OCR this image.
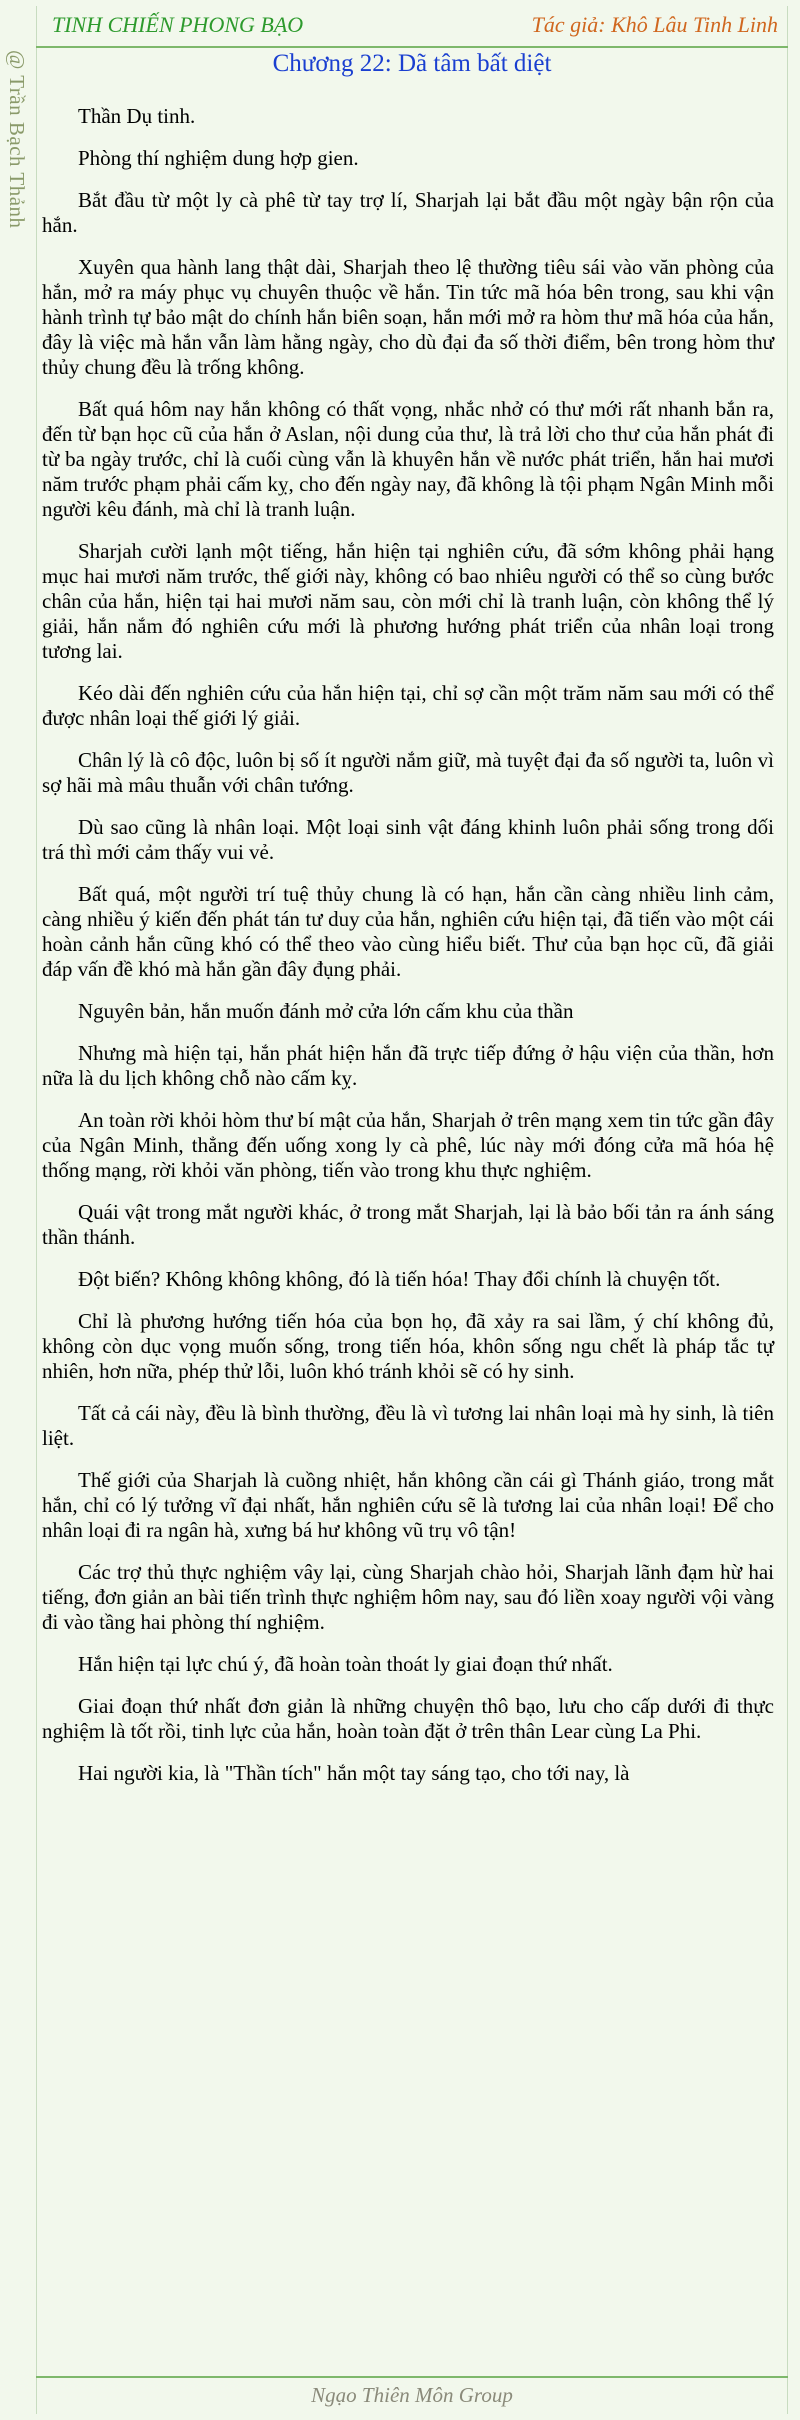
@ Trần Bạch Thảnh
TINH CHIẾN PHONG BẠO	Tác giả: Khô Lâu Tinh Linh
Chương 22: Dã tâm bất diệt

Thần Dụ tinh.

Phòng thí nghiệm dung hợp gien.

Bắt đầu từ một ly cà phê từ tay trợ lí, Sharjah lại bắt đầu một ngày bận rộn của hắn.

Xuyên qua hành lang thật dài, Sharjah theo lệ thường tiêu sái vào văn phòng của hắn, mở ra máy phục vụ chuyên thuộc về hắn. Tin tức mã hóa bên trong, sau khi vận hành trình tự bảo mật do chính hắn biên soạn, hắn mới mở ra hòm thư mã hóa của hắn, đây là việc mà hắn vẫn làm hằng ngày, cho dù đại đa số thời điểm, bên trong hòm thư thủy chung đều là trống không.

Bất quá hôm nay hắn không có thất vọng, nhắc nhở có thư mới rất nhanh bắn ra, đến từ bạn học cũ của hắn ở Aslan, nội dung của thư, là trả lời cho thư của hắn phát đi từ ba ngày trước, chỉ là cuối cùng vẫn là khuyên hắn về nước phát triển, hắn hai mươi năm trước phạm phải cấm kỵ, cho đến ngày nay, đã không là tội phạm Ngân Minh mỗi người kêu đánh, mà chỉ là tranh luận.

Sharjah cười lạnh một tiếng, hắn hiện tại nghiên cứu, đã sớm không phải hạng mục hai mươi năm trước, thế giới này, không có bao nhiêu người có thể so cùng bước chân của hắn, hiện tại hai mươi năm sau, còn mới chỉ là tranh luận, còn không thể lý giải, hắn nắm đó nghiên cứu mới là phương hướng phát triển của nhân loại trong tương lai.

Kéo dài đến nghiên cứu của hắn hiện tại, chỉ sợ cần một trăm năm sau mới có thể được nhân loại thế giới lý giải.

Chân lý là cô độc, luôn bị số ít người nắm giữ, mà tuyệt đại đa số người ta, luôn vì sợ hãi mà mâu thuẫn với chân tướng.

Dù sao cũng là nhân loại. Một loại sinh vật đáng khinh luôn phải sống trong dối trá thì mới cảm thấy vui vẻ.

Bất quá, một người trí tuệ thủy chung là có hạn, hắn cần càng nhiều linh cảm, càng nhiều ý kiến đến phát tán tư duy của hắn, nghiên cứu hiện tại, đã tiến vào một cái hoàn cảnh hắn cũng khó có thể theo vào cùng hiểu biết. Thư của bạn học cũ, đã giải đáp vấn đề khó mà hắn gần đây đụng phải.

Nguyên bản, hắn muốn đánh mở cửa lớn cấm khu của thần

Nhưng mà hiện tại, hắn phát hiện hắn đã trực tiếp đứng ở hậu viện của thần, hơn nữa là du lịch không chỗ nào cấm kỵ.

An toàn rời khỏi hòm thư bí mật của hắn, Sharjah ở trên mạng xem tin tức gần đây của Ngân Minh, thẳng đến uống xong ly cà phê, lúc này mới đóng cửa mã hóa hệ thống mạng, rời khỏi văn phòng, tiến vào trong khu thực nghiệm.

Quái vật trong mắt người khác, ở trong mắt Sharjah, lại là bảo bối tản ra ánh sáng thần thánh.

Đột biến? Không không không, đó là tiến hóa! Thay đổi chính là chuyện tốt.

Chỉ là phương hướng tiến hóa của bọn họ, đã xảy ra sai lầm, ý chí không đủ, không còn dục vọng muốn sống, trong tiến hóa, khôn sống ngu chết là pháp tắc tự nhiên, hơn nữa, phép thử lỗi, luôn khó tránh khỏi sẽ có hy sinh.

Tất cả cái này, đều là bình thường, đều là vì tương lai nhân loại mà hy sinh, là tiên liệt.

Thế giới của Sharjah là cuồng nhiệt, hắn không cần cái gì Thánh giáo, trong mắt hắn, chỉ có lý tưởng vĩ đại nhất, hắn nghiên cứu sẽ là tương lai của nhân loại! Để cho nhân loại đi ra ngân hà, xưng bá hư không vũ trụ vô tận!

Các trợ thủ thực nghiệm vây lại, cùng Sharjah chào hỏi, Sharjah lãnh đạm hừ hai tiếng, đơn giản an bài tiến trình thực nghiệm hôm nay, sau đó liền xoay người vội vàng đi vào tầng hai phòng thí nghiệm.

Hắn hiện tại lực chú ý, đã hoàn toàn thoát ly giai đoạn thứ nhất.

Giai đoạn thứ nhất đơn giản là những chuyện thô bạo, lưu cho cấp dưới đi thực nghiệm là tốt rồi, tinh lực của hắn, hoàn toàn đặt ở trên thân Lear cùng La Phi.

Hai người kia, là "Thần tích" hắn một tay sáng tạo, cho tới nay, là

Ngạo Thiên Môn Group
